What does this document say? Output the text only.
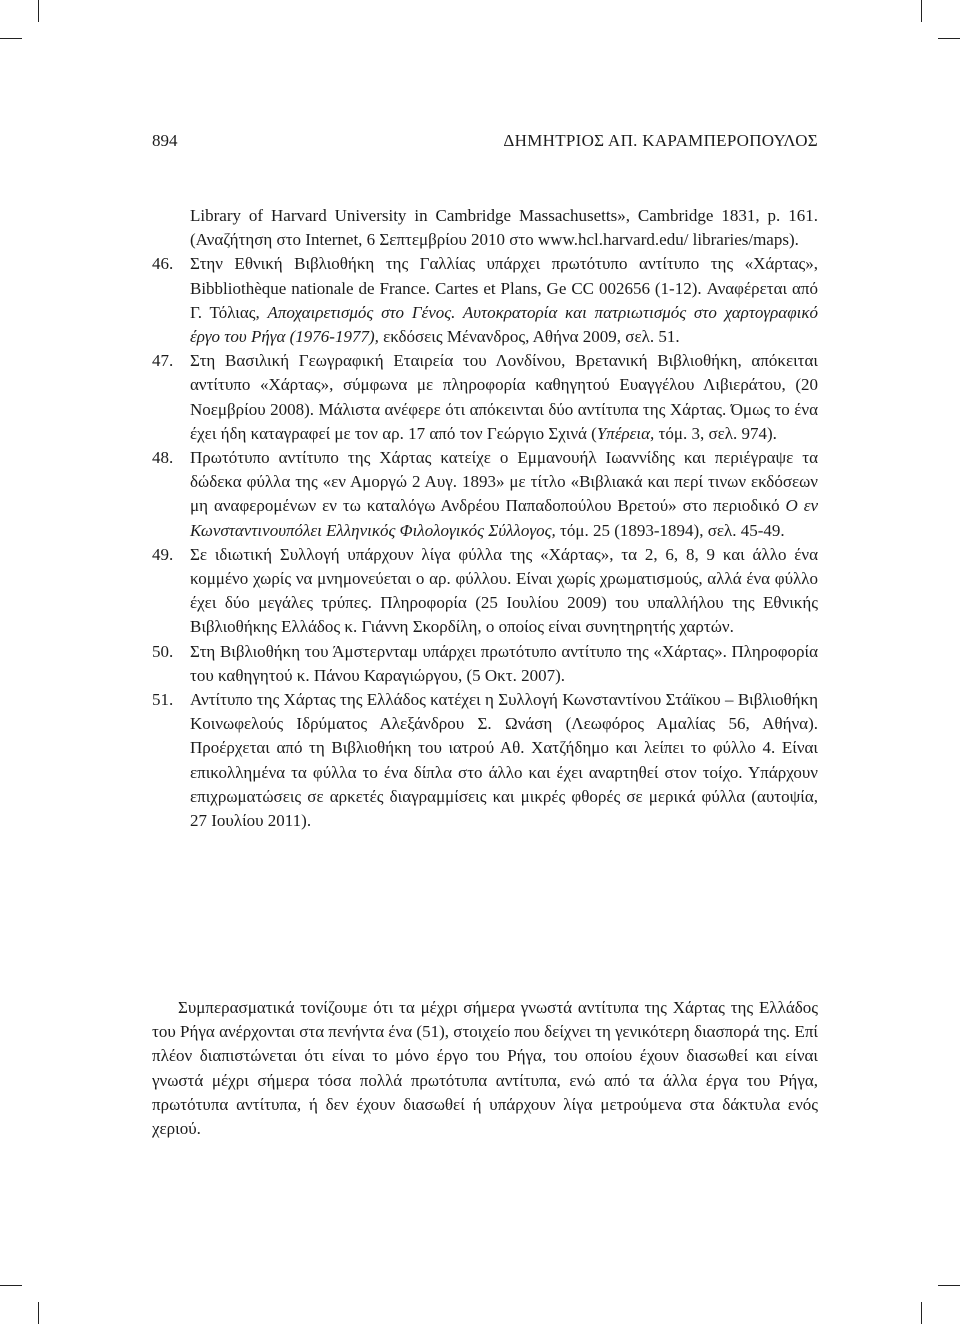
894	ΔΗΜΗΤΡΙΟΣ ΑΠ. ΚΑΡΑΜΠΕΡΟΠΟΥΛΟΣ

Library of Harvard University in Cambridge Massachusetts», Cambridge 1831, p. 161. (Αναζήτηση στο Internet, 6 Σεπτεμβρίου 2010 στο www.hcl.harvard.edu/ libraries/maps).

46. Στην Εθνική Βιβλιοθήκη της Γαλλίας υπάρχει πρωτότυπο αντίτυπο της «Χάρτας», Bibbliothèque nationale de France. Cartes et Plans, Ge CC 002656 (1-12). Αναφέρεται από Γ. Τόλιας, Αποχαιρετισμός στο Γένος. Αυτοκρατορία και πατριωτισμός στο χαρτογραφικό έργο του Ρήγα (1976-1977), εκδόσεις Μένανδρος, Αθήνα 2009, σελ. 51.

47. Στη Βασιλική Γεωγραφική Εταιρεία του Λονδίνου, Βρετανική Βιβλιοθήκη, απόκειται αντίτυπο «Χάρτας», σύμφωνα με πληροφορία καθηγητού Ευαγγέλου Λιβιεράτου, (20 Νοεμβρίου 2008). Μάλιστα ανέφερε ότι απόκεινται δύο αντίτυπα της Χάρτας. Όμως το ένα έχει ήδη καταγραφεί με τον αρ. 17 από τον Γεώργιο Σχινά (Υπέρεια, τόμ. 3, σελ. 974).

48. Πρωτότυπο αντίτυπο της Χάρτας κατείχε ο Εμμανουήλ Ιωαννίδης και περιέγραψε τα δώδεκα φύλλα της «εν Αμοργώ 2 Αυγ. 1893» με τίτλο «Βιβλιακά και περί τινων εκδόσεων μη αναφερομένων εν τω καταλόγω Ανδρέου Παπαδοπούλου Βρετού» στο περιοδικό Ο εν Κωνσταντινουπόλει Ελληνικός Φιλολογικός Σύλλογος, τόμ. 25 (1893-1894), σελ. 45-49.

49. Σε ιδιωτική Συλλογή υπάρχουν λίγα φύλλα της «Χάρτας», τα 2, 6, 8, 9 και άλλο ένα κομμένο χωρίς να μνημονεύεται ο αρ. φύλλου. Είναι χωρίς χρωματισμούς, αλλά ένα φύλλο έχει δύο μεγάλες τρύπες. Πληροφορία (25 Ιουλίου 2009) του υπαλλήλου της Εθνικής Βιβλιοθήκης Ελλάδος κ. Γιάννη Σκορδίλη, ο οποίος είναι συνητηρητής χαρτών.

50. Στη Βιβλιοθήκη του Άμστερνταμ υπάρχει πρωτότυπο αντίτυπο της «Χάρτας». Πληροφορία του καθηγητού κ. Πάνου Καραγιώργου, (5 Οκτ. 2007).

51. Αντίτυπο της Χάρτας της Ελλάδος κατέχει η Συλλογή Κωνσταντίνου Στάϊκου – Βιβλιοθήκη Κοινωφελούς Ιδρύματος Αλεξάνδρου Σ. Ωνάση (Λεωφόρος Αμαλίας 56, Αθήνα). Προέρχεται από τη Βιβλιοθήκη του ιατρού Αθ. Χατζήδημο και λείπει το φύλλο 4. Είναι επικολλημένα τα φύλλα το ένα δίπλα στο άλλο και έχει αναρτηθεί στον τοίχο. Υπάρχουν επιχρωματώσεις σε αρκετές διαγραμμίσεις και μικρές φθορές σε μερικά φύλλα (αυτοψία, 27 Ιουλίου 2011).

Συμπερασματικά τονίζουμε ότι τα μέχρι σήμερα γνωστά αντίτυπα της Χάρτας της Ελλάδος του Ρήγα ανέρχονται στα πενήντα ένα (51), στοιχείο που δείχνει τη γενικότερη διασπορά της. Επί πλέον διαπιστώνεται ότι είναι το μόνο έργο του Ρήγα, του οποίου έχουν διασωθεί και είναι γνωστά μέχρι σήμερα τόσα πολλά πρωτότυπα αντίτυπα, ενώ από τα άλλα έργα του Ρήγα, πρωτότυπα αντίτυπα, ή δεν έχουν διασωθεί ή υπάρχουν λίγα μετρούμενα στα δάκτυλα ενός χεριού.
